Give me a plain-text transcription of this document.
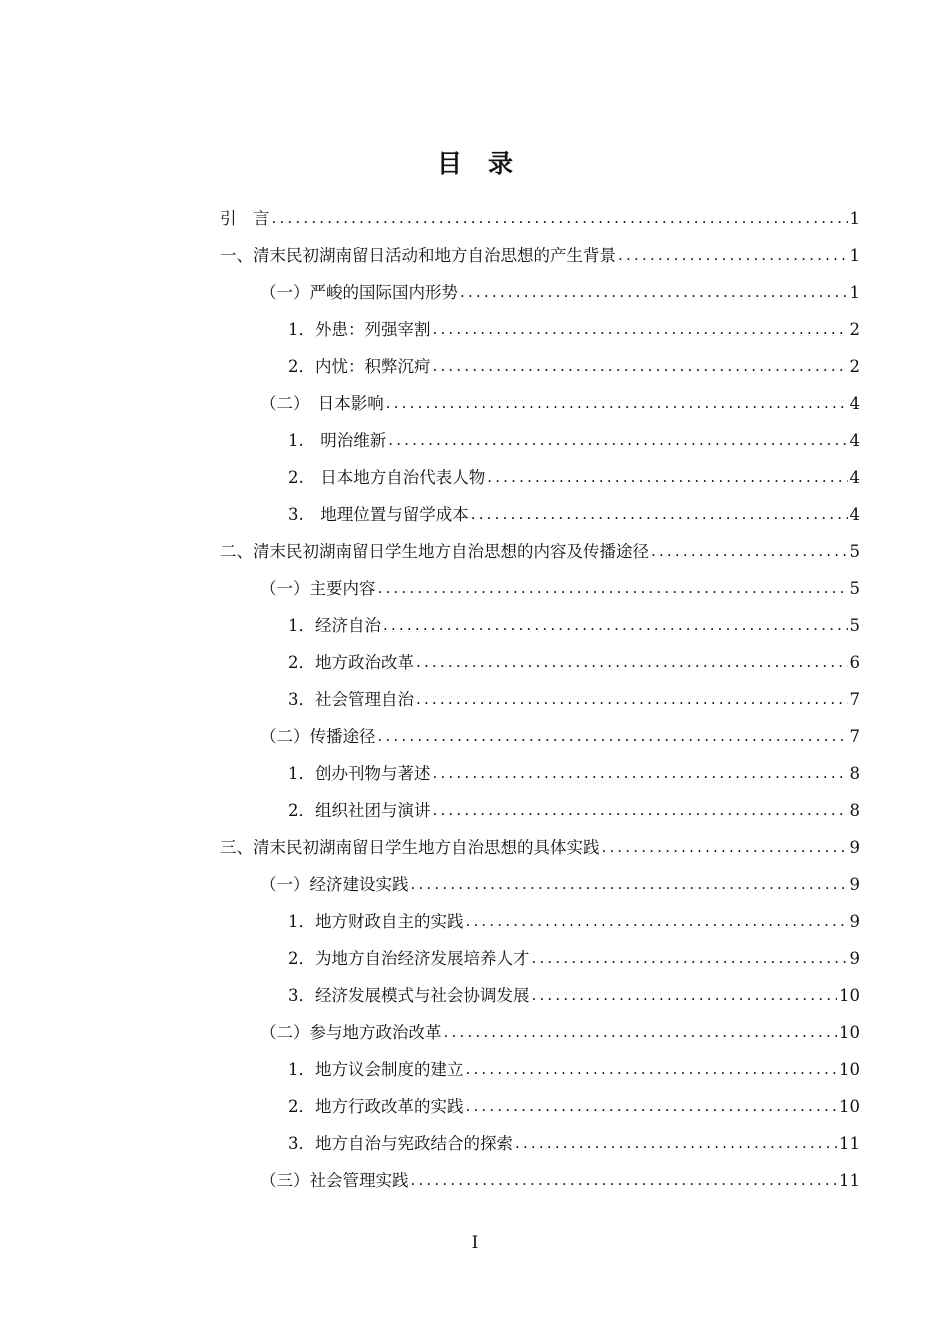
目录
引　言 .....	1
一、清末民初湖南留日活动和地方自治思想的产生背景 .....	1
（一）严峻的国际国内形势 .....	1
1．外患：列强宰割 .....	2
2．内忧：积弊沉疴 .....	2
（二）　日本影响 .....	4
1.　明治维新 .....	4
2.　日本地方自治代表人物 .....	4
3.　地理位置与留学成本 .....	4
二、清末民初湖南留日学生地方自治思想的内容及传播途径 .....	5
（一）主要内容 .....	5
1．经济自治 .....	5
2．地方政治改革 .....	6
3．社会管理自治 .....	7
（二）传播途径 .....	7
1．创办刊物与著述 .....	8
2．组织社团与演讲 .....	8
三、清末民初湖南留日学生地方自治思想的具体实践 .....	9
（一）经济建设实践 .....	9
1．地方财政自主的实践 .....	9
2．为地方自治经济发展培养人才 .....	9
3．经济发展模式与社会协调发展 .....	10
（二）参与地方政治改革 .....	10
1．地方议会制度的建立 .....	10
2．地方行政改革的实践 .....	10
3．地方自治与宪政结合的探索 .....	11
（三）社会管理实践 .....	11
I
